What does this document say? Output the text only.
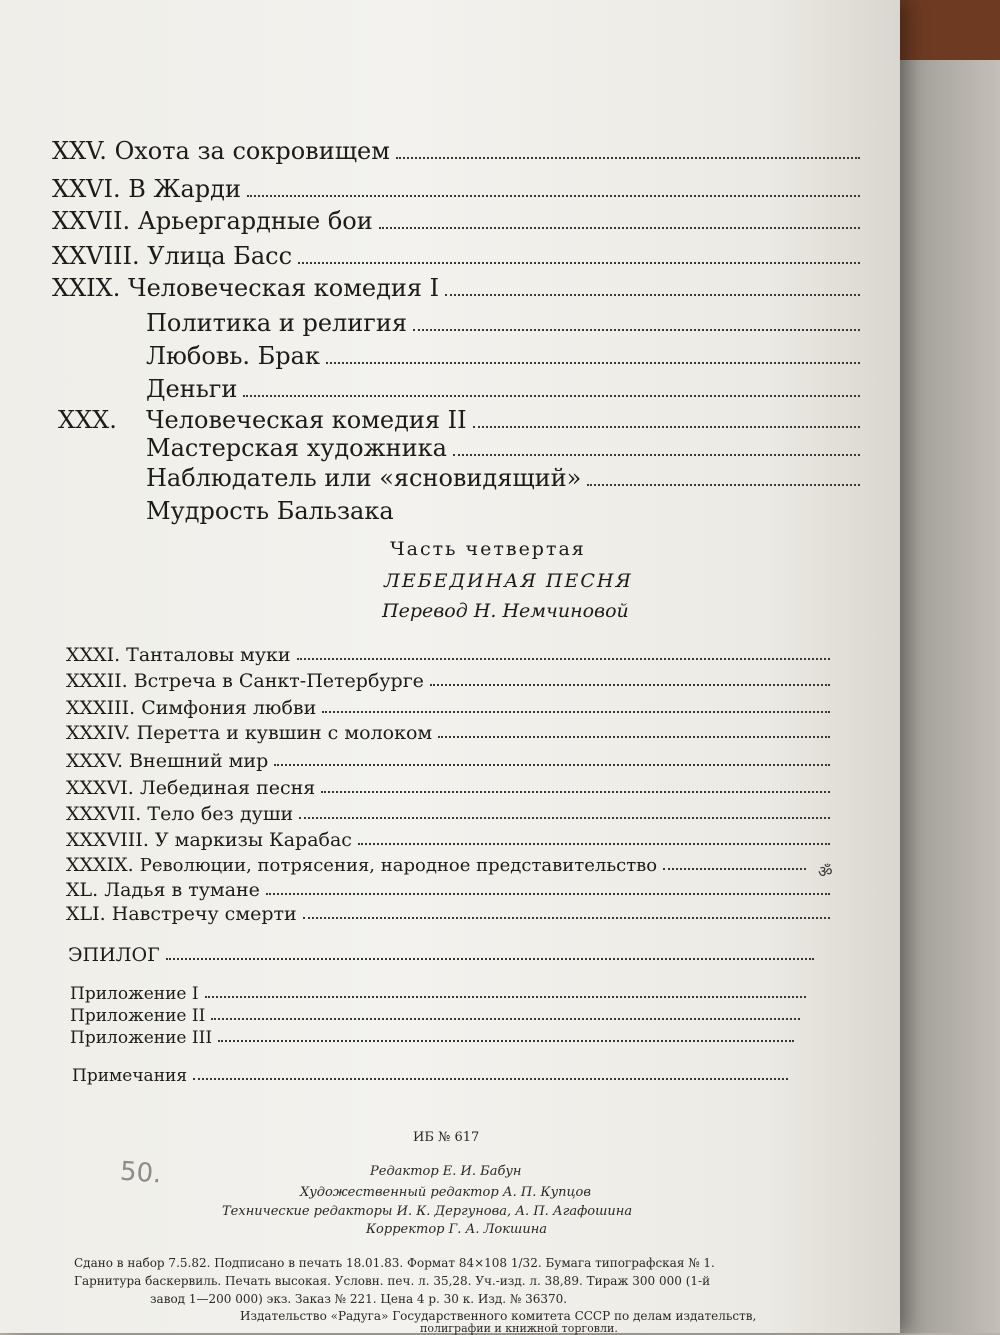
XXV.
Охота за сокровищем
XXVI.
В Жарди
XXVII.
Арьергардные бои
XXVIII.
Улица Басс
XXIX.
Человеческая комедия I
Политика и религия
Любовь. Брак
Деньги
XXX.	Человеческая комедия II
Мастерская художника
Наблюдатель или «ясновидящий»
Мудрость Бальзака
Часть четвертая
ЛЕБЕДИНАЯ ПЕСНЯ
Перевод Н. Немчиновой
XXXI.
Танталовы муки
XXXII.
Встреча в Санкт-Петербурге
XXXIII.
Симфония любви
XXXIV.
Перетта и кувшин с молоком
XXXV.
Внешний мир
XXXVI.
Лебединая песня
XXXVII.
Тело без души
XXXVIII.
У маркизы Карабас
XXXIX.
Революции, потрясения, народное представительство
XL.
Ладья в тумане
XLI.
Навстречу смерти
ЭПИЛОГ
Приложение I
Приложение II
Приложение III
Примечания
ॐ
ИБ № 617
50.	Редактор Е. И. Бабун
Художественный редактор А. П. Купцов
Технические редакторы И. К. Дергунова, А. П. Агафошина
Корректор Г. А. Локшина
Сдано в набор 7.5.82. Подписано в печать 18.01.83. Формат 84×108 1/32. Бумага типографская № 1.
Гарнитура баскервиль. Печать высокая. Условн. печ. л. 35,28. Уч.-изд. л. 38,89. Тираж 300 000 (1-й
завод 1—200 000) экз. Заказ № 221. Цена 4 р. 30 к. Изд. № 36370.
Издательство «Радуга» Государственного комитета СССР по делам издательств,
полиграфии и книжной торговли.
